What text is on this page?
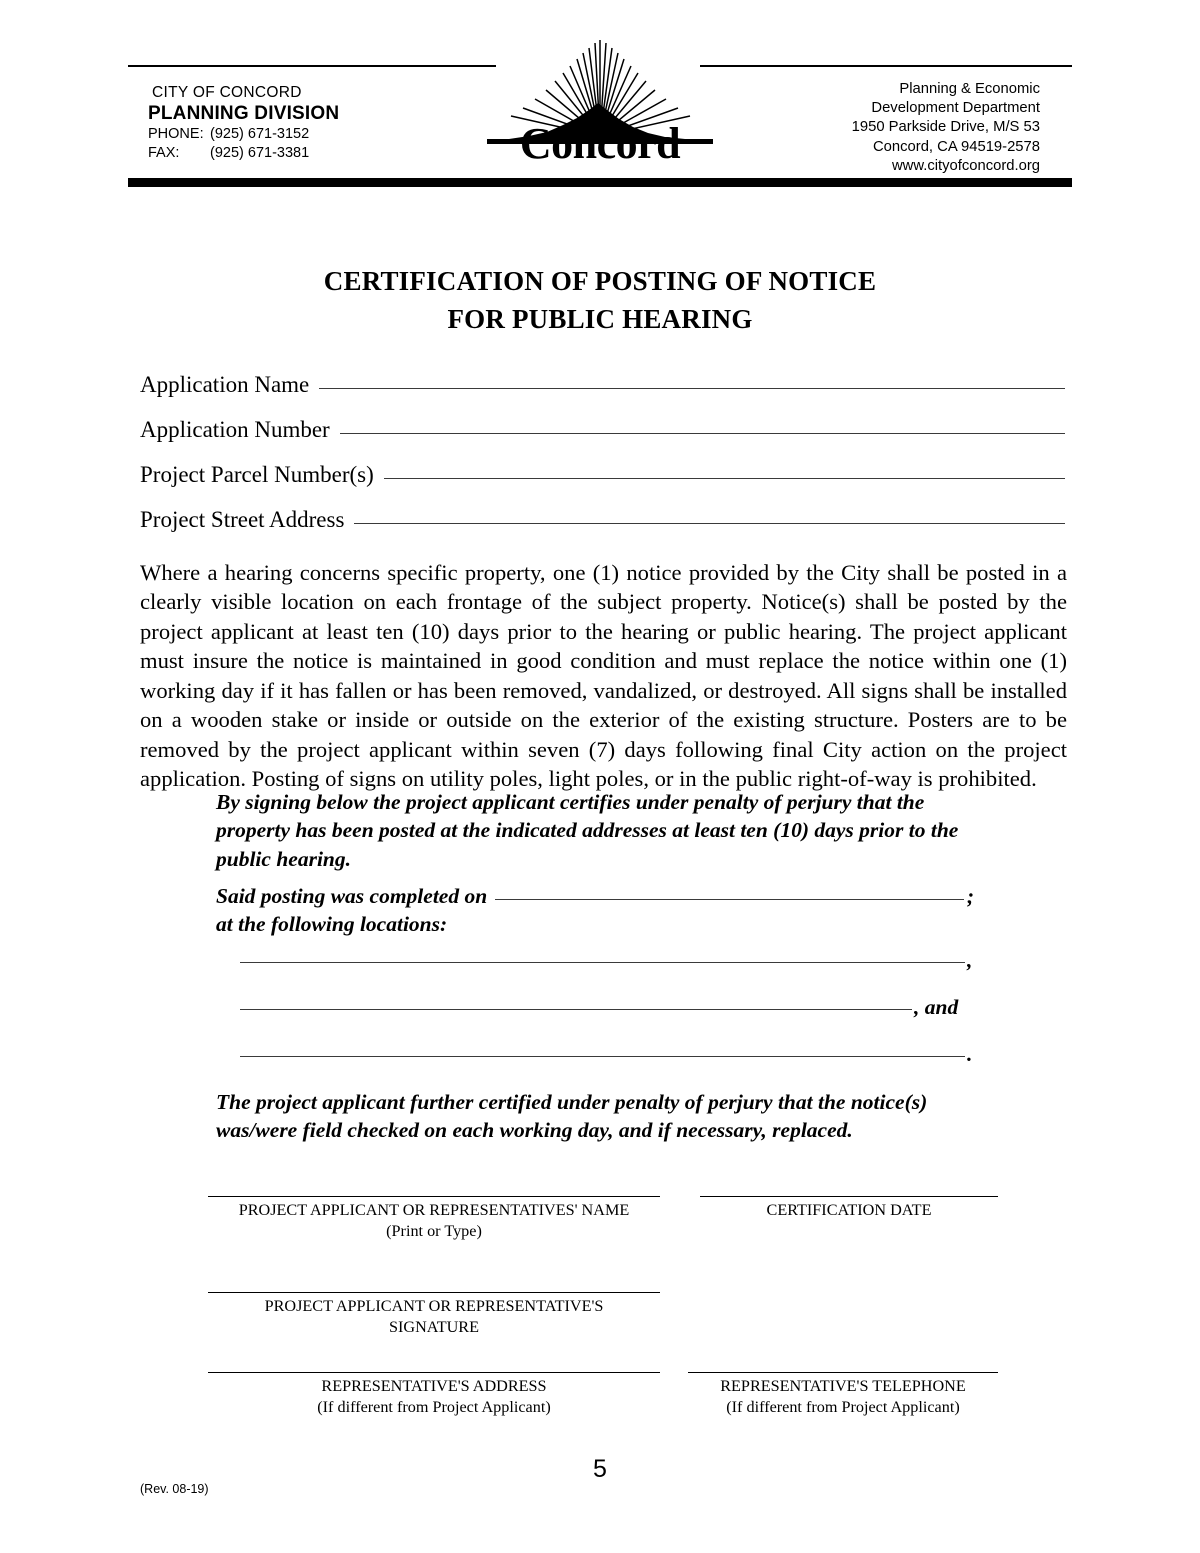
CITY OF CONCORD
PLANNING DIVISION
PHONE: (925) 671-3152
FAX: (925) 671-3381	Concord
Planning & Economic
Development Department
1950 Parkside Drive, M/S 53
Concord, CA 94519-2578
www.cityofconcord.org
CERTIFICATION OF POSTING OF NOTICE
FOR PUBLIC HEARING
Application Name
Application Number
Project Parcel Number(s)
Project Street Address
Where a hearing concerns specific property, one (1) notice provided by the City shall be posted in a clearly visible location on each frontage of the subject property. Notice(s) shall be posted by the project applicant at least ten (10) days prior to the hearing or public hearing. The project applicant must insure the notice is maintained in good condition and must replace the notice within one (1) working day if it has fallen or has been removed, vandalized, or destroyed. All signs shall be installed on a wooden stake or inside or outside on the exterior of the existing structure. Posters are to be removed by the project applicant within seven (7) days following final City action on the project application. Posting of signs on utility poles, light poles, or in the public right-of-way is prohibited.
By signing below the project applicant certifies under penalty of perjury that the property has been posted at the indicated addresses at least ten (10) days prior to the public hearing.
Said posting was completed on	;
at the following locations:
,
, and
.
The project applicant further certified under penalty of perjury that the notice(s) was/were field checked on each working day, and if necessary, replaced.
PROJECT APPLICANT OR REPRESENTATIVES' NAME
(Print or Type)
CERTIFICATION DATE
PROJECT APPLICANT OR REPRESENTATIVE'S
SIGNATURE
REPRESENTATIVE'S ADDRESS
(If different from Project Applicant)
REPRESENTATIVE'S TELEPHONE
(If different from Project Applicant)
5
(Rev. 08-19)
